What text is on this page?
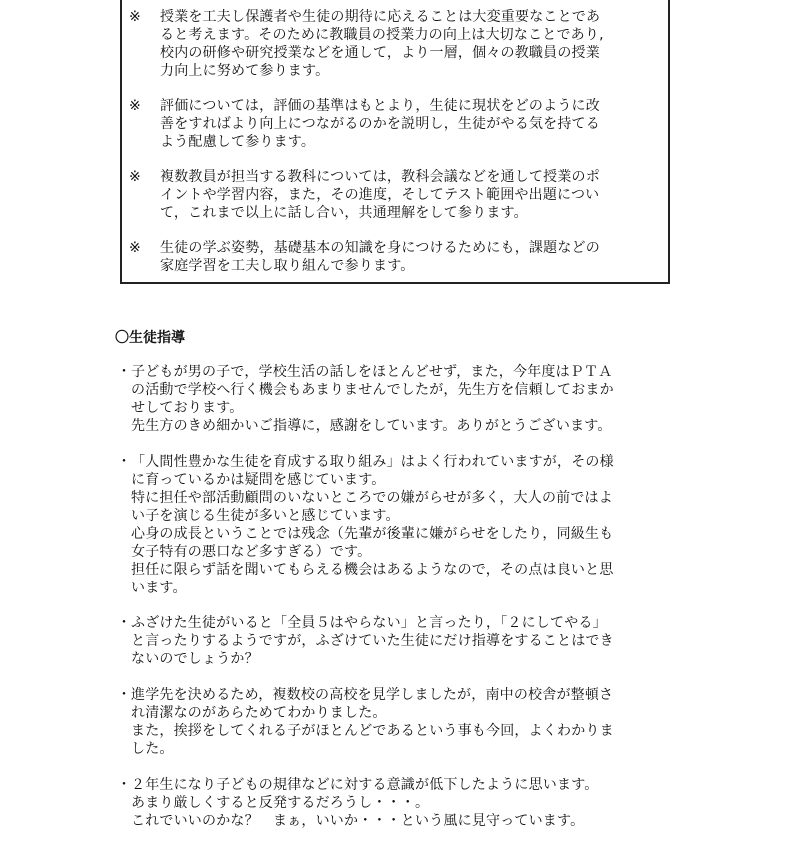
※ 授業を工夫し保護者や生徒の期待に応えることは大変重要なことであ
ると考えます。そのために教職員の授業力の向上は大切なことであり,
校内の研修や研究授業などを通して，より一層，個々の教職員の授業
力向上に努めて参ります。
※ 評価については，評価の基準はもとより，生徒に現状をどのように改
善をすればより向上につながるのかを説明し，生徒がやる気を持てる
よう配慮して参ります。
※ 複数教員が担当する教科については，教科会議などを通して授業のポ
イントや学習内容，また，その進度，そしてテスト範囲や出題につい
て，これまで以上に話し合い，共通理解をして参ります。
※ 生徒の学ぶ姿勢，基礎基本の知識を身につけるためにも，課題などの
家庭学習を工夫し取り組んで参ります。
〇生徒指導
・ 子どもが男の子で，学校生活の話しをほとんどせず，また，今年度はＰＴＡ
の活動で学校へ行く機会もあまりませんでしたが，先生方を信頼しておまか
せしております。
先生方のきめ細かいご指導に，感謝をしています。ありがとうございます。
・ 「人間性豊かな生徒を育成する取り組み」はよく行われていますが，その様
に育っているかは疑問を感じています。
特に担任や部活動顧問のいないところでの嫌がらせが多く，大人の前ではよ
い子を演じる生徒が多いと感じています。
心身の成長ということでは残念（先輩が後輩に嫌がらせをしたり，同級生も
女子特有の悪口など多すぎる）です。
担任に限らず話を聞いてもらえる機会はあるようなので，その点は良いと思
います。
・ ふざけた生徒がいると「全員５はやらない」と言ったり，「２にしてやる」
と言ったりするようですが，ふざけていた生徒にだけ指導をすることはでき
ないのでしょうか？
・ 進学先を決めるため，複数校の高校を見学しましたが，南中の校舎が整頓さ
れ清潔なのがあらためてわかりました。
また，挨拶をしてくれる子がほとんどであるという事も今回，よくわかりま
した。
・ ２年生になり子どもの規律などに対する意識が低下したように思います。
あまり厳しくすると反発するだろうし・・・。
これでいいのかな？　まぁ，いいか・・・という風に見守っています。
